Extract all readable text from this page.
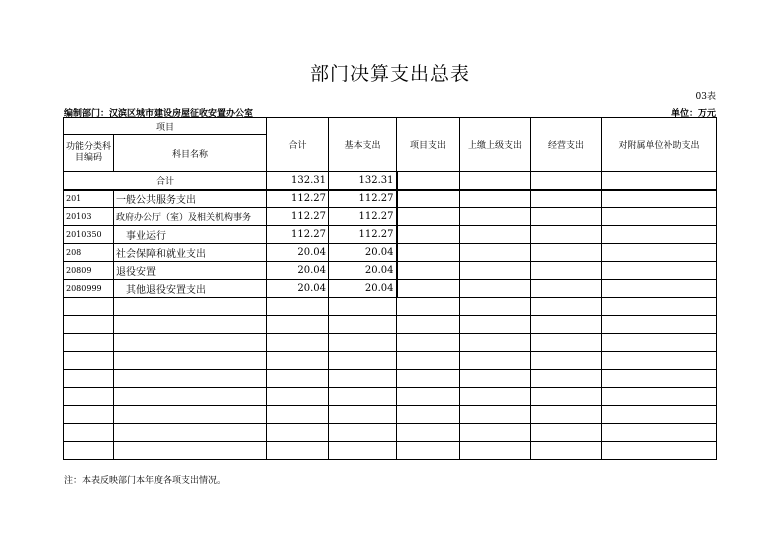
部门决算支出总表
03表
编制部门：汉滨区城市建设房屋征收安置办公室	单位：万元
项目		合计	基本支出	项目支出	上缴上级支出	经营支出	对附属单位补助支出
功能分类科目编码	科目名称						
合计		132.31	132.31				
201	一般公共服务支出	112.27	112.27				
20103	政府办公厅（室）及相关机构事务	112.27	112.27				
2010350	事业运行	112.27	112.27				
208	社会保障和就业支出	20.04	20.04				
20809	退役安置	20.04	20.04				
2080999	其他退役安置支出	20.04	20.04				

注：本表反映部门本年度各项支出情况。
